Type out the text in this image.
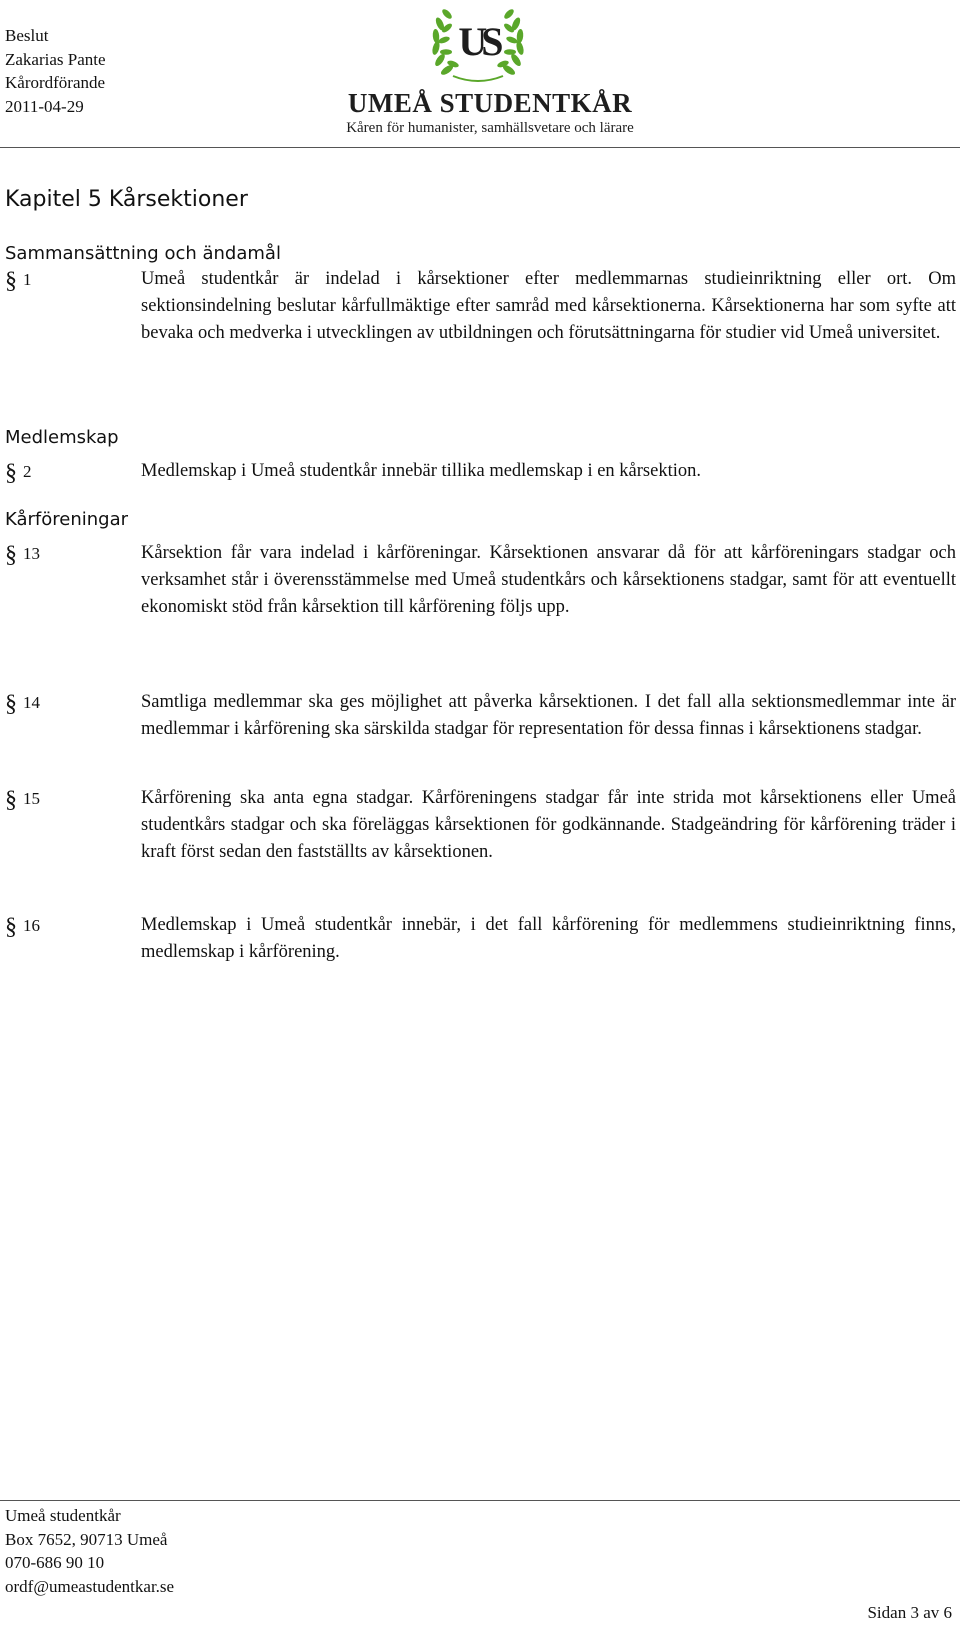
Beslut
Zakarias Pante
Kårordförande
2011-04-29
US
UMEÅ STUDENTKÅR
Kåren för humanister, samhällsvetare och lärare
Kapitel 5 Kårsektioner
Sammansättning och ändamål
§ 1	Umeå studentkår är indelad i kårsektioner efter medlemmarnas studieinriktning eller ort. Om sektionsindelning beslutar kårfullmäktige efter samråd med kårsektionerna. Kårsektionerna har som syfte att bevaka och medverka i utvecklingen av utbildningen och förutsättningarna för studier vid Umeå universitet.
Medlemskap
§ 2	Medlemskap i Umeå studentkår innebär tillika medlemskap i en kårsektion.
Kårföreningar
§ 13	Kårsektion får vara indelad i kårföreningar. Kårsektionen ansvarar då för att kårföreningars stadgar och verksamhet står i överensstämmelse med Umeå studentkårs och kårsektionens stadgar, samt för att eventuellt ekonomiskt stöd från kårsektion till kårförening följs upp.
§ 14	Samtliga medlemmar ska ges möjlighet att påverka kårsektionen. I det fall alla sektionsmedlemmar inte är medlemmar i kårförening ska särskilda stadgar för representation för dessa finnas i kårsektionens stadgar.
§ 15	Kårförening ska anta egna stadgar. Kårföreningens stadgar får inte strida mot kårsektionens eller Umeå studentkårs stadgar och ska föreläggas kårsektionen för godkännande. Stadgeändring för kårförening träder i kraft först sedan den fastställts av kårsektionen.
§ 16	Medlemskap i Umeå studentkår innebär, i det fall kårförening för medlemmens studieinriktning finns, medlemskap i kårförening.
Umeå studentkår
Box 7652, 90713 Umeå
070-686 90 10
ordf@umeastudentkar.se
Sidan 3 av 6
